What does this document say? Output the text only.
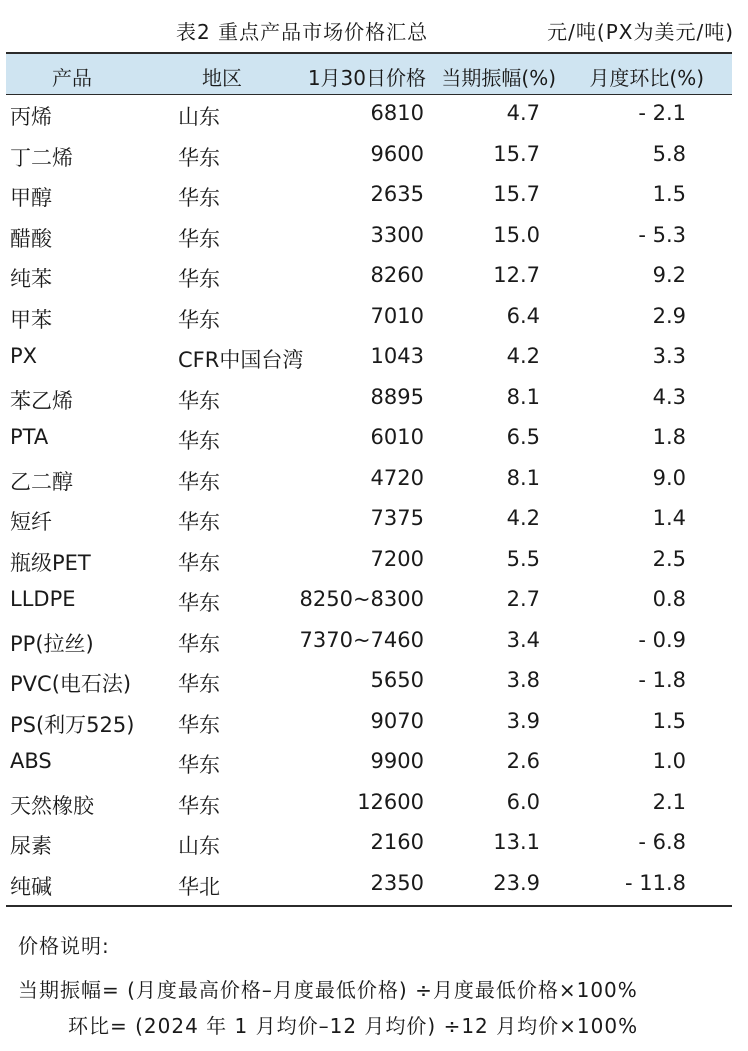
表2 重点产品市场价格汇总	元/吨(PX为美元/吨)
产品	地区	1月30日价格 当期振幅(%) 月度环比(%)
丙烯	山东	6810	4.7	- 2.1
丁二烯	华东	9600	15.7	5.8
甲醇	华东	2635	15.7	1.5
醋酸	华东	3300	15.0	- 5.3
纯苯	华东	8260	12.7	9.2
甲苯	华东	7010	6.4	2.9
PX	CFR中国台湾	1043	4.2	3.3
苯乙烯	华东	8895	8.1	4.3
PTA	华东	6010	6.5	1.8
乙二醇	华东	4720	8.1	9.0
短纤	华东	7375	4.2	1.4
瓶级PET	华东	7200	5.5	2.5
LLDPE	华东	8250~8300	2.7	0.8
PP(拉丝)	华东	7370~7460	3.4	- 0.9
PVC(电石法) 华东	5650	3.8	- 1.8
PS(利万525) 华东	9070	3.9	1.5
ABS	华东	9900	2.6	1.0
天然橡胶	华东	12600	6.0	2.1
尿素	山东	2160	13.1	- 6.8
纯碱	华北	2350	23.9	- 11.8
价格说明:
当期振幅= (月度最高价格–月度最低价格) ÷月度最低价格×100%
环比= (2024 年 1 月均价–12 月均价) ÷12 月均价×100%
